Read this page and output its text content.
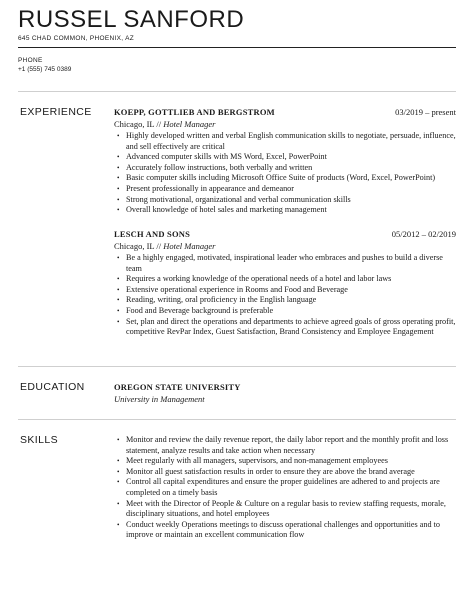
RUSSEL SANFORD
645 CHAD COMMON, PHOENIX, AZ
PHONE
+1 (555) 745 0389
EXPERIENCE	KOEPP, GOTTLIEB AND BERGSTROM	03/2019 – present
Chicago, IL // Hotel Manager
• Highly developed written and verbal English communication skills to negotiate, persuade, influence, and sell effectively are critical
• Advanced computer skills with MS Word, Excel, PowerPoint
• Accurately follow instructions, both verbally and written
• Basic computer skills including Microsoft Office Suite of products (Word, Excel, PowerPoint)
• Present professionally in appearance and demeanor
• Strong motivational, organizational and verbal communication skills
• Overall knowledge of hotel sales and marketing management
LESCH AND SONS	05/2012 – 02/2019
Chicago, IL // Hotel Manager
• Be a highly engaged, motivated, inspirational leader who embraces and pushes to build a diverse team
• Requires a working knowledge of the operational needs of a hotel and labor laws
• Extensive operational experience in Rooms and Food and Beverage
• Reading, writing, oral proficiency in the English language
• Food and Beverage background is preferable
• Set, plan and direct the operations and departments to achieve agreed goals of gross operating profit, competitive RevPar Index, Guest Satisfaction, Brand Consistency and Employee Engagement
EDUCATION	OREGON STATE UNIVERSITY
University in Management
SKILLS	• Monitor and review the daily revenue report, the daily labor report and the monthly profit and loss statement, analyze results and take action when necessary
• Meet regularly with all managers, supervisors, and non-management employees
• Monitor all guest satisfaction results in order to ensure they are above the brand average
• Control all capital expenditures and ensure the proper guidelines are adhered to and projects are completed on a timely basis
• Meet with the Director of People & Culture on a regular basis to review staffing requests, morale, disciplinary situations, and hotel employees
• Conduct weekly Operations meetings to discuss operational challenges and opportunities and to improve or maintain an excellent communication flow
